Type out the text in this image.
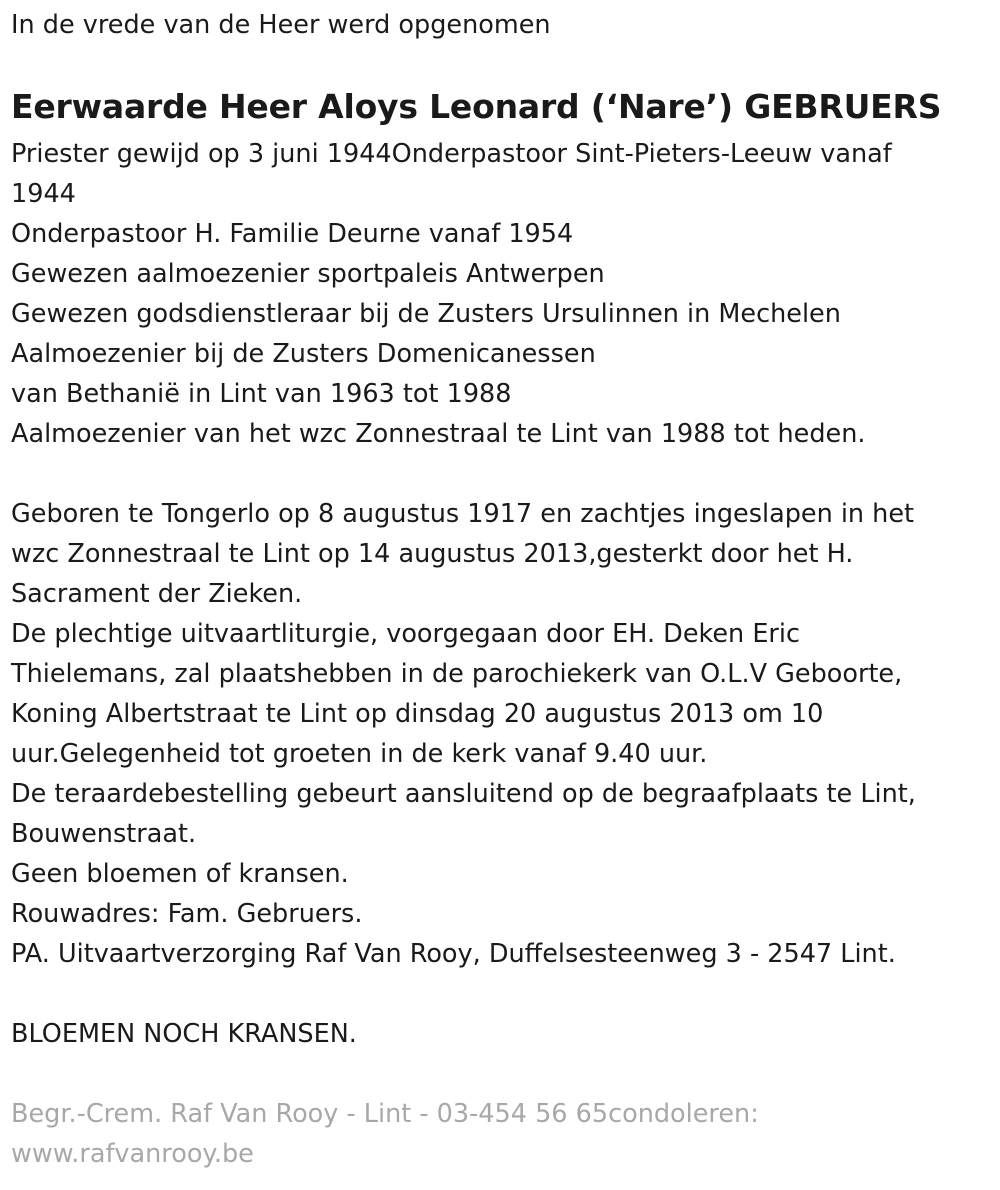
In de vrede van de Heer werd opgenomen
Eerwaarde Heer Aloys Leonard (‘Nare’) GEBRUERS
Priester gewijd op 3 juni 1944Onderpastoor Sint-Pieters-Leeuw vanaf
1944
Onderpastoor H. Familie Deurne vanaf 1954
Gewezen aalmoezenier sportpaleis Antwerpen
Gewezen godsdienstleraar bij de Zusters Ursulinnen in Mechelen
Aalmoezenier bij de Zusters Domenicanessen
van Bethanië in Lint van 1963 tot 1988
Aalmoezenier van het wzc Zonnestraal te Lint van 1988 tot heden.
Geboren te Tongerlo op 8 augustus 1917 en zachtjes ingeslapen in het
wzc Zonnestraal te Lint op 14 augustus 2013,gesterkt door het H.
Sacrament der Zieken.
De plechtige uitvaartliturgie, voorgegaan door EH. Deken Eric
Thielemans, zal plaatshebben in de parochiekerk van O.L.V Geboorte,
Koning Albertstraat te Lint op dinsdag 20 augustus 2013 om 10
uur.Gelegenheid tot groeten in de kerk vanaf 9.40 uur.
De teraardebestelling gebeurt aansluitend op de begraafplaats te Lint,
Bouwenstraat.
Geen bloemen of kransen.
Rouwadres: Fam. Gebruers.
PA. Uitvaartverzorging Raf Van Rooy, Duffelsesteenweg 3 - 2547 Lint.
BLOEMEN NOCH KRANSEN.
Begr.-Crem. Raf Van Rooy - Lint - 03-454 56 65condoleren:
www.rafvanrooy.be
